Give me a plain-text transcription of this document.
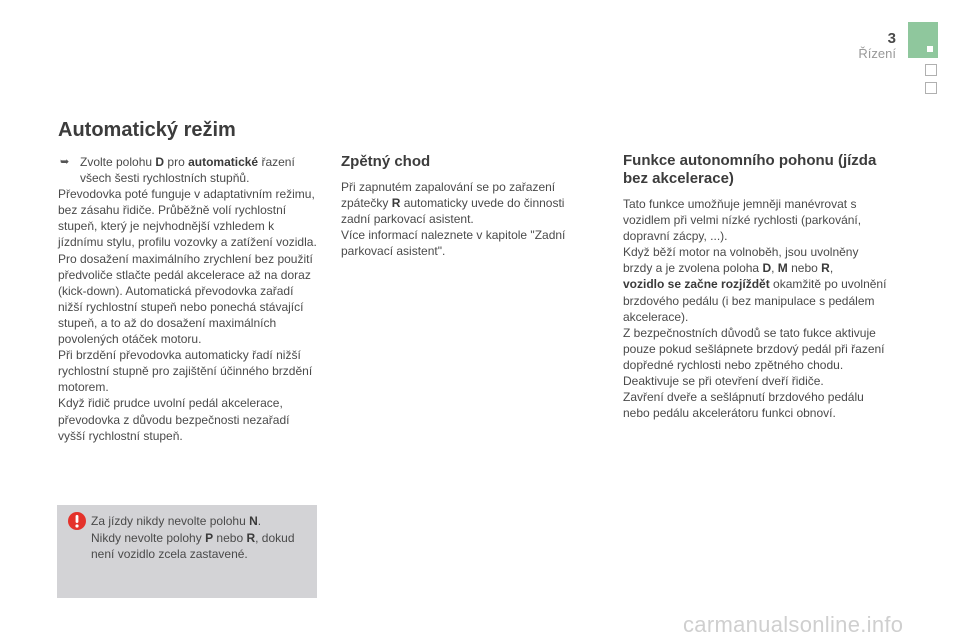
3
Řízení
Automatický režim

➥ Zvolte polohu D pro automatické řazení všech šesti rychlostních stupňů.

Převodovka poté funguje v adaptativním režimu, bez zásahu řidiče. Průběžně volí rychlostní stupeň, který je nejvhodnější vzhledem k jízdnímu stylu, profilu vozovky a zatížení vozidla.

Pro dosažení maximálního zrychlení bez použití předvoliče stlačte pedál akcelerace až na doraz (kick-down). Automatická převodovka zařadí nižší rychlostní stupeň nebo ponechá stávající stupeň, a to až do dosažení maximálních povolených otáček motoru.

Při brzdění převodovka automaticky řadí nižší rychlostní stupně pro zajištění účinného brzdění motorem.

Když řidič prudce uvolní pedál akcelerace, převodovka z důvodu bezpečnosti nezařadí vyšší rychlostní stupeň.

Za jízdy nikdy nevolte polohu N.

Nikdy nevolte polohy P nebo R, dokud není vozidlo zcela zastavené.

Zpětný chod

Při zapnutém zapalování se po zařazení zpátečky R automaticky uvede do činnosti zadní parkovací asistent.

Více informací naleznete v kapitole "Zadní parkovací asistent".

Funkce autonomního pohonu (jízda bez akcelerace)

Tato funkce umožňuje jemněji manévrovat s vozidlem při velmi nízké rychlosti (parkování, dopravní zácpy, ...).

Když běží motor na volnoběh, jsou uvolněny brzdy a je zvolena poloha D, M nebo R,
vozidlo se začne rozjíždět okamžitě po uvolnění brzdového pedálu (i bez manipulace s pedálem akcelerace).

Z bezpečnostních důvodů se tato fukce aktivuje pouze pokud sešlápnete brzdový pedál při řazení dopředné rychlosti nebo zpětného chodu.

Deaktivuje se při otevření dveří řidiče.

Zavření dveře a sešlápnutí brzdového pedálu nebo pedálu akcelerátoru funkci obnoví.

carmanualsonline.info
